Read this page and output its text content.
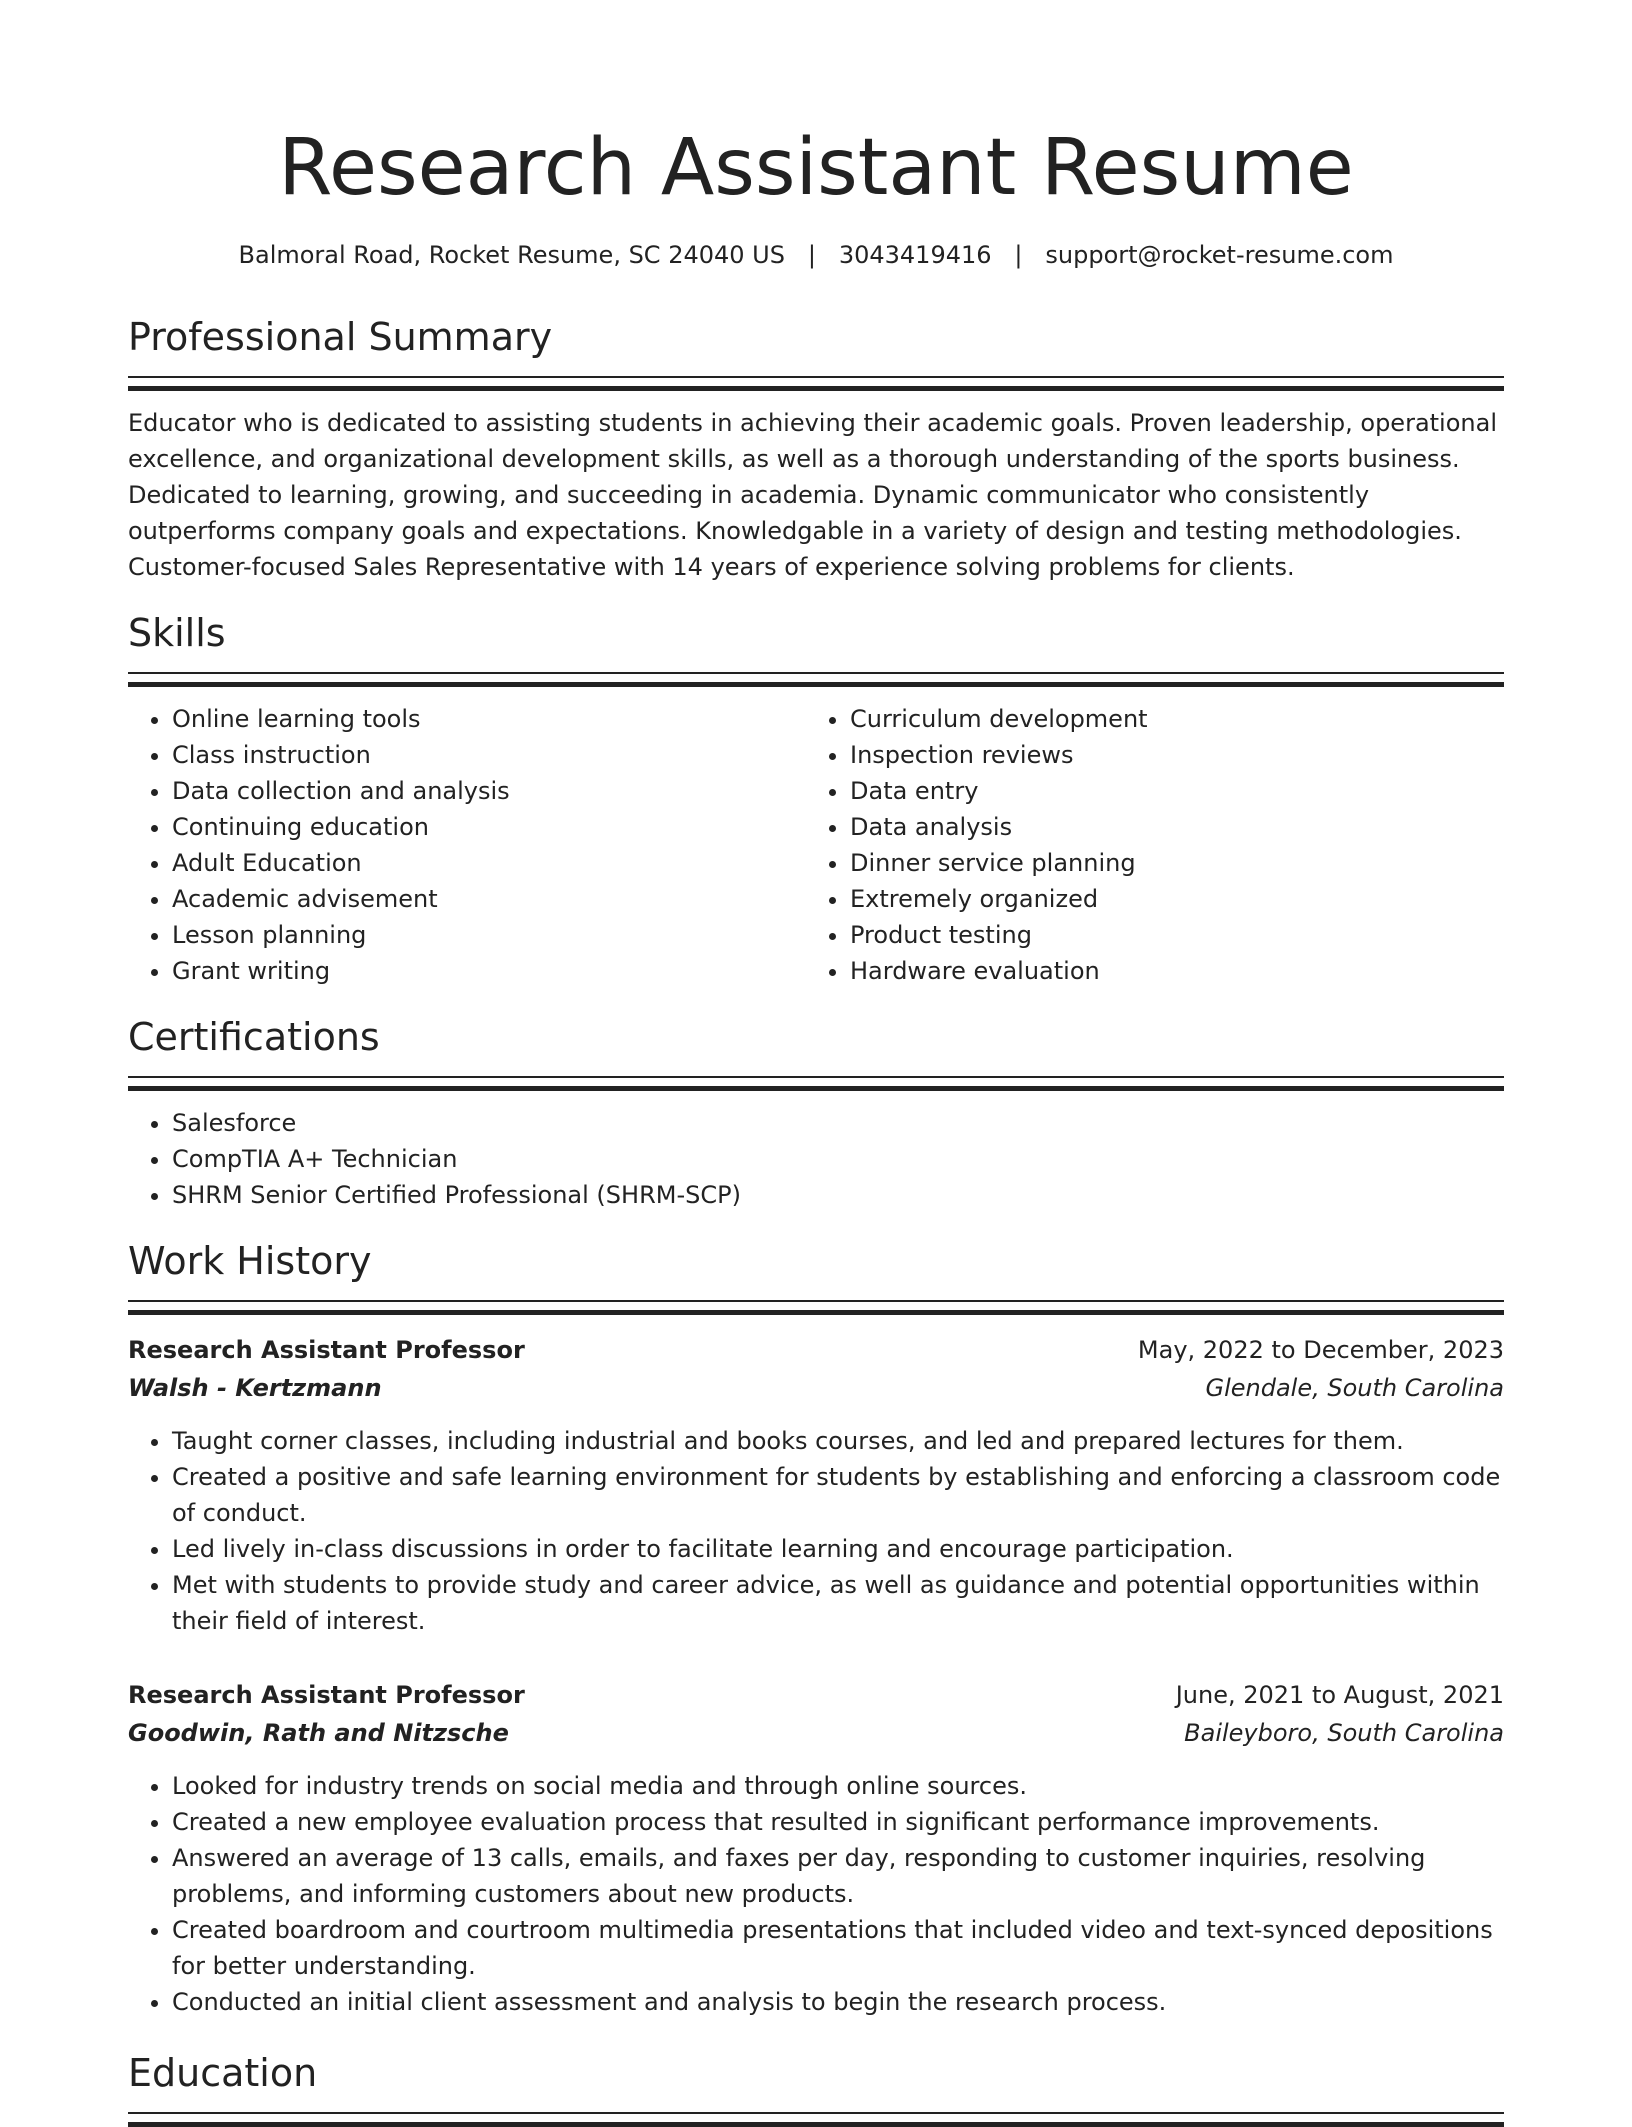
Research Assistant Resume
Balmoral Road, Rocket Resume, SC 24040 US   |   3043419416   |   support@rocket-resume.com
Professional Summary

Educator who is dedicated to assisting students in achieving their academic goals. Proven leadership, operational excellence, and organizational development skills, as well as a thorough understanding of the sports business. Dedicated to learning, growing, and succeeding in academia. Dynamic communicator who consistently outperforms company goals and expectations. Knowledgable in a variety of design and testing methodologies. Customer-focused Sales Representative with 14 years of experience solving problems for clients.

Skills
• Online learning tools
• Class instruction
• Data collection and analysis
• Continuing education
• Adult Education
• Academic advisement
• Lesson planning
• Grant writing
• Curriculum development
• Inspection reviews
• Data entry
• Data analysis
• Dinner service planning
• Extremely organized
• Product testing
• Hardware evaluation
Certifications
• Salesforce
• CompTIA A+ Technician
• SHRM Senior Certified Professional (SHRM-SCP)
Work History
Research Assistant Professor	May, 2022 to December, 2023
Walsh - Kertzmann	Glendale, South Carolina
• Taught corner classes, including industrial and books courses, and led and prepared lectures for them.
• Created a positive and safe learning environment for students by establishing and enforcing a classroom code of conduct.
• Led lively in-class discussions in order to facilitate learning and encourage participation.
• Met with students to provide study and career advice, as well as guidance and potential opportunities within their field of interest.
Research Assistant Professor	June, 2021 to August, 2021
Goodwin, Rath and Nitzsche	Baileyboro, South Carolina
• Looked for industry trends on social media and through online sources.
• Created a new employee evaluation process that resulted in significant performance improvements.
• Answered an average of 13 calls, emails, and faxes per day, responding to customer inquiries, resolving problems, and informing customers about new products.
• Created boardroom and courtroom multimedia presentations that included video and text-synced depositions for better understanding.
• Conducted an initial client assessment and analysis to begin the research process.
Education
